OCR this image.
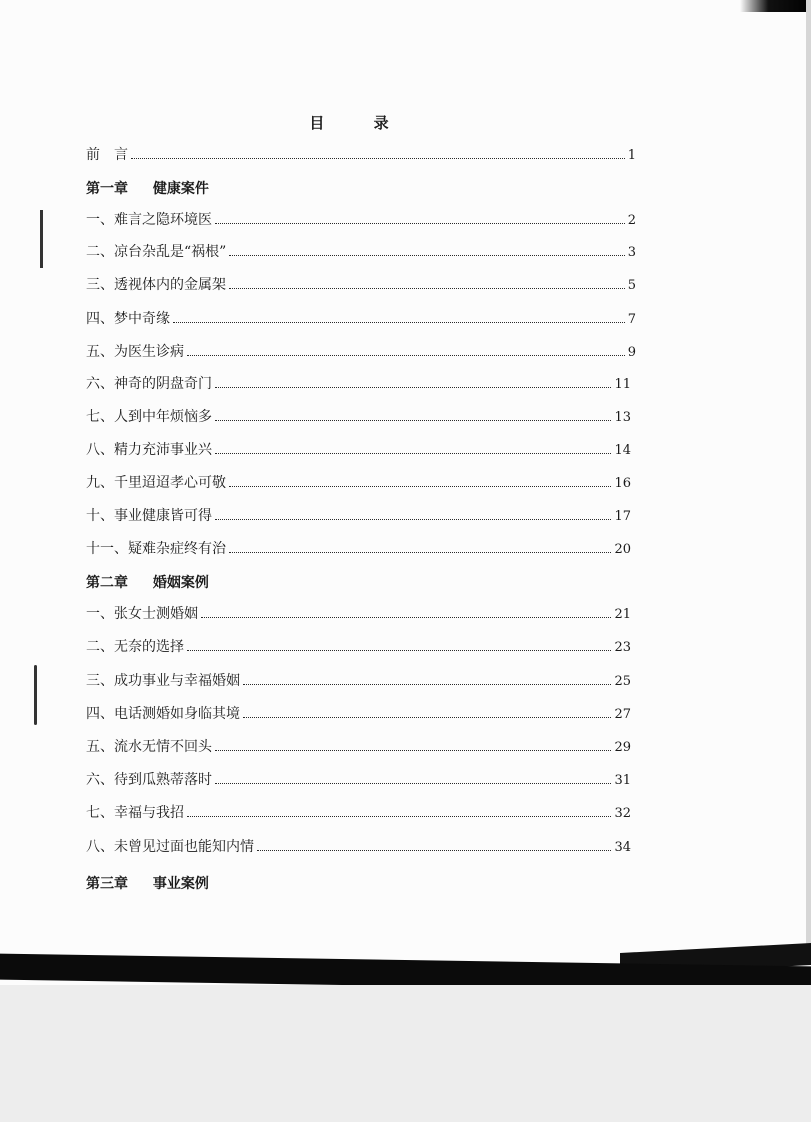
目	录
前　言	1
第一章 健康案件
一、难言之隐环境医	2
二、凉台杂乱是“祸根”	3
三、透视体内的金属架	5
四、梦中奇缘	7
五、为医生诊病	9
六、神奇的阴盘奇门	11
七、人到中年烦恼多	13
八、精力充沛事业兴	14
九、千里迢迢孝心可敬	16
十、事业健康皆可得	17
十一、疑难杂症终有治	20
第二章 婚姻案例
一、张女士测婚姻	21
二、无奈的选择	23
三、成功事业与幸福婚姻	25
四、电话测婚如身临其境	27
五、流水无情不回头	29
六、待到瓜熟蒂落时	31
七、幸福与我招	32
八、未曾见过面也能知内情	34
第三章 事业案例
